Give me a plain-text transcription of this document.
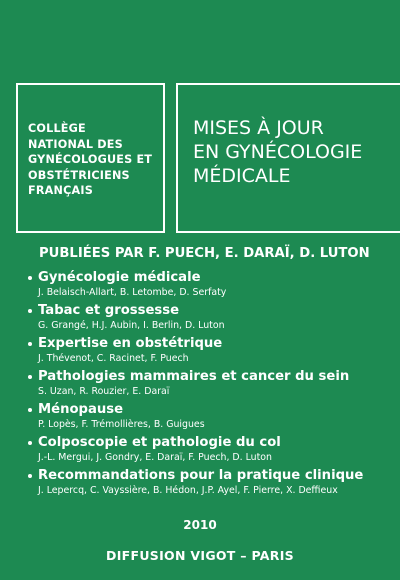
COLLÈGE
NATIONAL DES
GYNÉCOLOGUES ET
OBSTÉTRICIENS
FRANÇAIS
MISES À JOUR
EN GYNÉCOLOGIE
MÉDICALE
PUBLIÉES PAR F. PUECH, E. DARAÏ, D. LUTON
Gynécologie médicale
J. Belaisch-Allart, B. Letombe, D. Serfaty
Tabac et grossesse
G. Grangé, H.J. Aubin, I. Berlin, D. Luton
Expertise en obstétrique
J. Thévenot, C. Racinet, F. Puech
Pathologies mammaires et cancer du sein
S. Uzan, R. Rouzier, E. Daraï
Ménopause
P. Lopès, F. Trémollières, B. Guigues
Colposcopie et pathologie du col
J.-L. Mergui, J. Gondry, E. Daraï, F. Puech, D. Luton
Recommandations pour la pratique clinique
J. Lepercq, C. Vayssière, B. Hédon, J.P. Ayel, F. Pierre, X. Deffieux
2010
DIFFUSION VIGOT – PARIS
